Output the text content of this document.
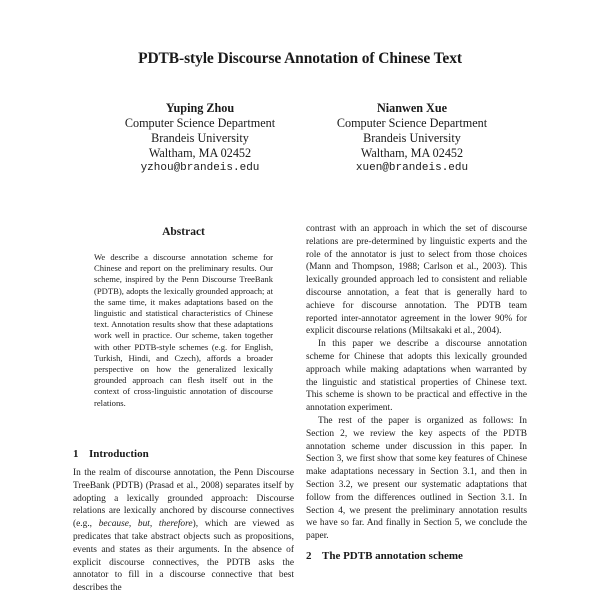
PDTB-style Discourse Annotation of Chinese Text
Yuping Zhou
Computer Science Department
Brandeis University
Waltham, MA 02452
yzhou@brandeis.edu
Nianwen Xue
Computer Science Department
Brandeis University
Waltham, MA 02452
xuen@brandeis.edu
Abstract
We describe a discourse annotation scheme for Chinese and report on the preliminary results. Our scheme, inspired by the Penn Discourse TreeBank (PDTB), adopts the lexically grounded approach; at the same time, it makes adaptations based on the linguistic and statistical characteristics of Chinese text. Annotation results show that these adaptations work well in practice. Our scheme, taken together with other PDTB-style schemes (e.g. for English, Turkish, Hindi, and Czech), affords a broader perspective on how the generalized lexically grounded approach can flesh itself out in the context of cross-linguistic annotation of discourse relations.
1 Introduction
In the realm of discourse annotation, the Penn Discourse TreeBank (PDTB) (Prasad et al., 2008) separates itself by adopting a lexically grounded approach: Discourse relations are lexically anchored by discourse connectives (e.g., because, but, therefore), which are viewed as predicates that take abstract objects such as propositions, events and states as their arguments. In the absence of explicit discourse connectives, the PDTB asks the annotator to fill in a discourse connective that best describes the

contrast with an approach in which the set of discourse relations are pre-determined by linguistic experts and the role of the annotator is just to select from those choices (Mann and Thompson, 1988; Carlson et al., 2003). This lexically grounded approach led to consistent and reliable discourse annotation, a feat that is generally hard to achieve for discourse annotation. The PDTB team reported inter-annotator agreement in the lower 90% for explicit discourse relations (Miltsakaki et al., 2004).

In this paper we describe a discourse annotation scheme for Chinese that adopts this lexically grounded approach while making adaptations when warranted by the linguistic and statistical properties of Chinese text. This scheme is shown to be practical and effective in the annotation experiment.

The rest of the paper is organized as follows: In Section 2, we review the key aspects of the PDTB annotation scheme under discussion in this paper. In Section 3, we first show that some key features of Chinese make adaptations necessary in Section 3.1, and then in Section 3.2, we present our systematic adaptations that follow from the differences outlined in Section 3.1. In Section 4, we present the preliminary annotation results we have so far. And finally in Section 5, we conclude the paper.

2 The PDTB annotation scheme
